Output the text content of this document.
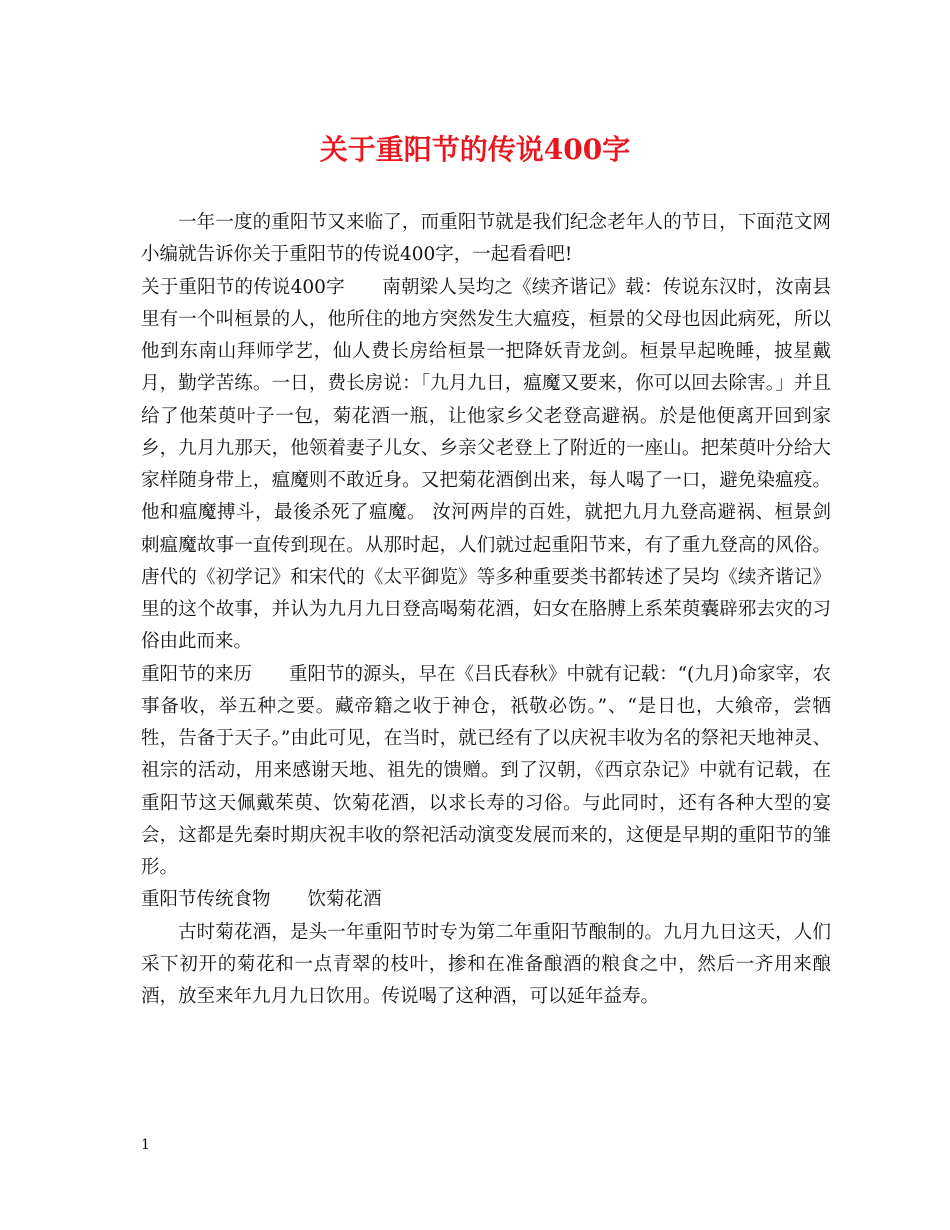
关于重阳节的传说400字

一年一度的重阳节又来临了，而重阳节就是我们纪念老年人的节日，下面范文网小编就告诉你关于重阳节的传说400字，一起看看吧!

关于重阳节的传说400字　　南朝梁人吴均之《续齐谐记》载：传说东汉时，汝南县里有一个叫桓景的人，他所住的地方突然发生大瘟疫，桓景的父母也因此病死，所以他到东南山拜师学艺，仙人费长房给桓景一把降妖青龙剑。桓景早起晚睡，披星戴月，勤学苦练。一日，费长房说：「九月九日，瘟魔又要来，你可以回去除害。」并且给了他茱萸叶子一包，菊花酒一瓶，让他家乡父老登高避祸。於是他便离开回到家乡，九月九那天，他领着妻子儿女、乡亲父老登上了附近的一座山。把茱萸叶分给大家样随身带上，瘟魔则不敢近身。又把菊花酒倒出来，每人喝了一口，避免染瘟疫。他和瘟魔搏斗，最後杀死了瘟魔。 汝河两岸的百姓，就把九月九登高避祸、桓景剑刺瘟魔故事一直传到现在。从那时起，人们就过起重阳节来，有了重九登高的风俗。唐代的《初学记》和宋代的《太平御览》等多种重要类书都转述了吴均《续齐谐记》里的这个故事，并认为九月九日登高喝菊花酒，妇女在胳膊上系茱萸囊辟邪去灾的习俗由此而来。

重阳节的来历　　重阳节的源头，早在《吕氏春秋》中就有记载：“(九月)命家宰，农事备收，举五种之要。藏帝籍之收于神仓，祇敬必饬。”、“是日也，大飨帝，尝牺牲，告备于天子。”由此可见，在当时，就已经有了以庆祝丰收为名的祭祀天地神灵、祖宗的活动，用来感谢天地、祖先的馈赠。到了汉朝，《西京杂记》中就有记载，在重阳节这天佩戴茱萸、饮菊花酒，以求长寿的习俗。与此同时，还有各种大型的宴会，这都是先秦时期庆祝丰收的祭祀活动演变发展而来的，这便是早期的重阳节的雏形。

重阳节传统食物　　饮菊花酒

古时菊花酒，是头一年重阳节时专为第二年重阳节酿制的。九月九日这天，人们采下初开的菊花和一点青翠的枝叶，掺和在准备酿酒的粮食之中，然后一齐用来酿酒，放至来年九月九日饮用。传说喝了这种酒，可以延年益寿。

1
